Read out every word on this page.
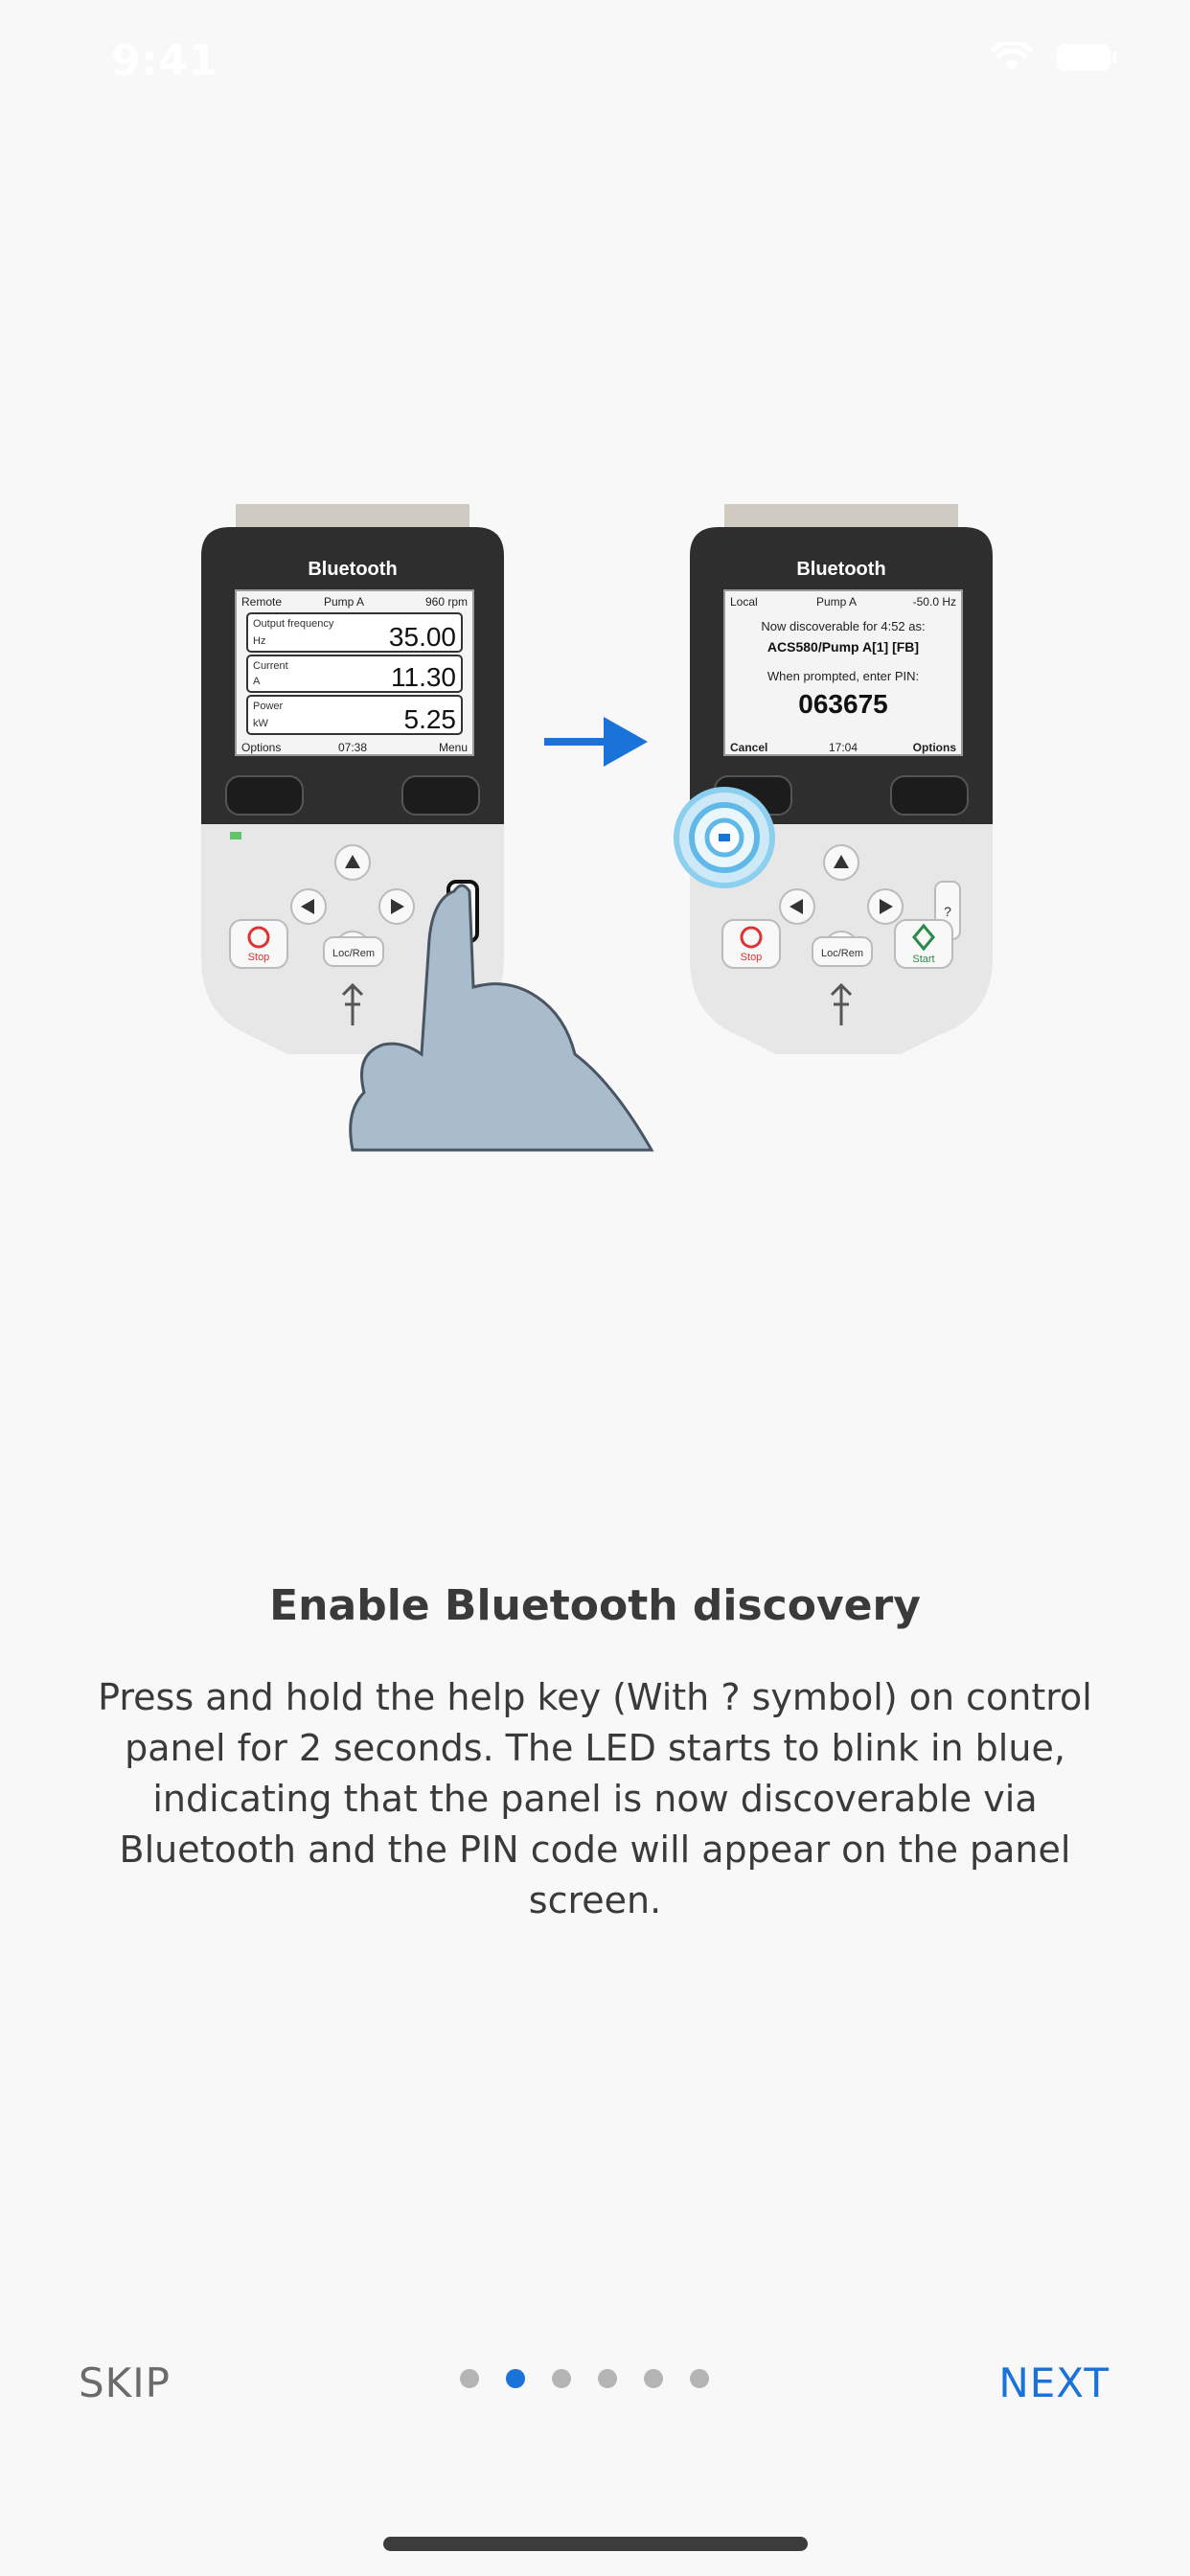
9:41
Bluetooth
Remote	Pump A	960 rpm
Output frequency
Hz	35.00
Current
A	11.30
Power
kW	5.25
Options	07:38	Menu
Stop	Loc/Rem
Bluetooth
Local	Pump A	-50.0 Hz
Now discoverable for 4:52 as:
ACS580/Pump A[1] [FB]
When prompted, enter PIN:
063675
Cancel	17:04	Options
?
Stop	Loc/Rem	Start
Enable Bluetooth discovery

Press and hold the help key (With ? symbol) on control panel for 2 seconds. The LED starts to blink in blue, indicating that the panel is now discoverable via Bluetooth and the PIN code will appear on the panel screen.

SKIP	NEXT
